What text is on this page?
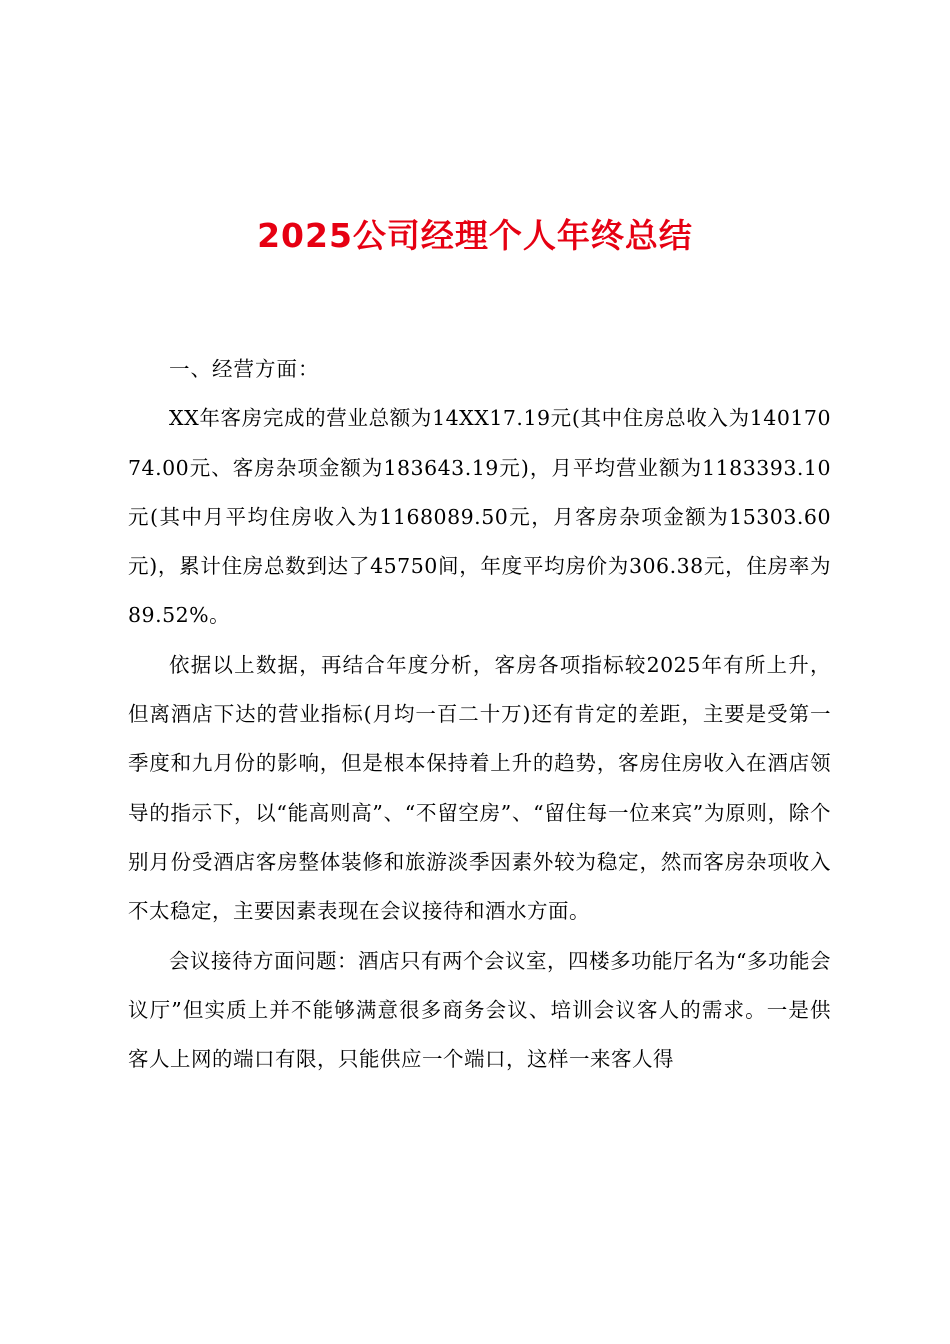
2025公司经理个人年终总结

一、经营方面：

XX年客房完成的营业总额为14XX17.19元(其中住房总收入为14017074.00元、客房杂项金额为183643.19元)，月平均营业额为1183393.10元(其中月平均住房收入为1168089.50元，月客房杂项金额为15303.60元)，累计住房总数到达了45750间，年度平均房价为306.38元，住房率为89.52%。

依据以上数据，再结合年度分析，客房各项指标较2025年有所上升，但离酒店下达的营业指标(月均一百二十万)还有肯定的差距，主要是受第一季度和九月份的影响，但是根本保持着上升的趋势，客房住房收入在酒店领导的指示下，以“能高则高”、“不留空房”、“留住每一位来宾”为原则，除个别月份受酒店客房整体装修和旅游淡季因素外较为稳定，然而客房杂项收入不太稳定，主要因素表现在会议接待和酒水方面。

会议接待方面问题：酒店只有两个会议室，四楼多功能厅名为“多功能会议厅”但实质上并不能够满意很多商务会议、培训会议客人的需求。一是供客人上网的端口有限，只能供应一个端口，这样一来客人得
